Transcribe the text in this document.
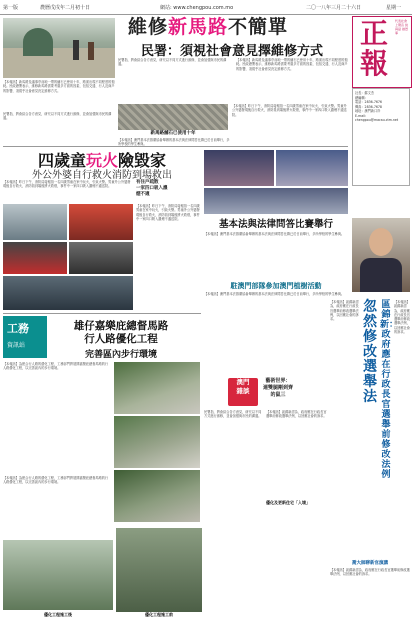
第一版	農曆戊戌年二月初十日	網站: www.chengpou.com.mo	二〇一八年三月二十六日	星期一
維修新馬路不簡單
民署：須視社會意見擇維修方式
【本報訊】新馬路及議事亭前地一帶的舖石已使用十年，路面出現不同程度的損耗。民政總署表示，維修新馬路需要考慮多方面的因素，包括交通、行人及商戶的影響，須視乎社會意見決定維修方式。
民署指，將會綜合各方意見，研究以不同方式進行維修，並會加強與市民的溝通。
【本報訊】新馬路及議事亭前地一帶的舖石已使用十年，路面出現不同程度的損耗。民政總署表示，維修新馬路需要考慮多方面的因素，包括交通、行人及商戶的影響，須視乎社會意見決定維修方式。
新馬路舖石已使用十年
民署指，將會綜合各方意見，研究以不同方式進行維修，並會加強與市民的溝通。
【本報訊】澳門基本法推廣協會舉辦的基本法與法律問答比賽已於日前舉行，多所學校的學生參與。
【本報訊】昨日下午，消防局接報指一名四歲男童在家中玩火，引致火警。男童外公外婆發現後自行救火，消防員到場後將火救熄，事件中一家四口吸入濃煙不適送院。
正報
代表社會上聲音 說真話 做實事
社長：蘇文杰
總編輯：
電話：2836-7676
傳真：2836-7678
地址：澳門新口岸
E-mail: chengpou@macau.ctm.net
四歲童玩火險毀家
外公外婆自行救火消防到場救出
【本報訊】昨日下午，消防局接報指一名四歲男童在家中玩火，引致火警。男童外公外婆發現後自行救火，消防員到場後將火救熄，事件中一家四口吸入濃煙不適送院。
有住戶疏散
一家四口吸入濃
煙不適
【本報訊】昨日下午，消防局接報指一名四歲男童在家中玩火，引致火警。男童外公外婆發現後自行救火，消防員到場後將火救熄，事件中一家四口吸入濃煙不適送院。
基本法與法律問答比賽舉行
【本報訊】澳門基本法推廣協會舉辦的基本法與法律問答比賽已於日前舉行，多所學校的學生參與。
駐澳門部隊參加澳門植樹活動
【本報訊】澳門基本法推廣協會舉辦的基本法與法律問答比賽已於日前舉行，多所學校的學生參與。
區錦新：政府應在行政長官選舉前修改法例
忽然修改選舉法
【本報訊】區錦新認為，政府應在行政長官選舉前修改選舉法例，以回應社會的訴求。
【本報訊】區錦新認為，政府應在行政長官選舉前修改選舉法例，以回應社會的訴求。
工務
資訊站
雄仔嘉樂庇總督馬路
行人路優化工程
完善區內步行環境
【本報訊】為配合行人路的優化工程，工務部門將展開嘉樂庇總督馬路的行人路優化工程，以完善區內的步行環境。
【本報訊】為配合行人路的優化工程，工務部門將展開嘉樂庇總督馬路的行人路優化工程，以完善區內的步行環境。
優化工程施工後	優化工程施工前
澳門
雜談
藝術世界：
連雙腿剛到齊
的鼠三
民署指，將會綜合各方意見，研究以不同方式進行維修，並會加強與市民的溝通。
【本報訊】區錦新認為，政府應在行政長官選舉前修改選舉法例，以回應社會的訴求。
優化及更新住宅「入境」
喬大師聊新官演講
【本報訊】區錦新認為，政府應在行政長官選舉前修改選舉法例，以回應社會的訴求。
